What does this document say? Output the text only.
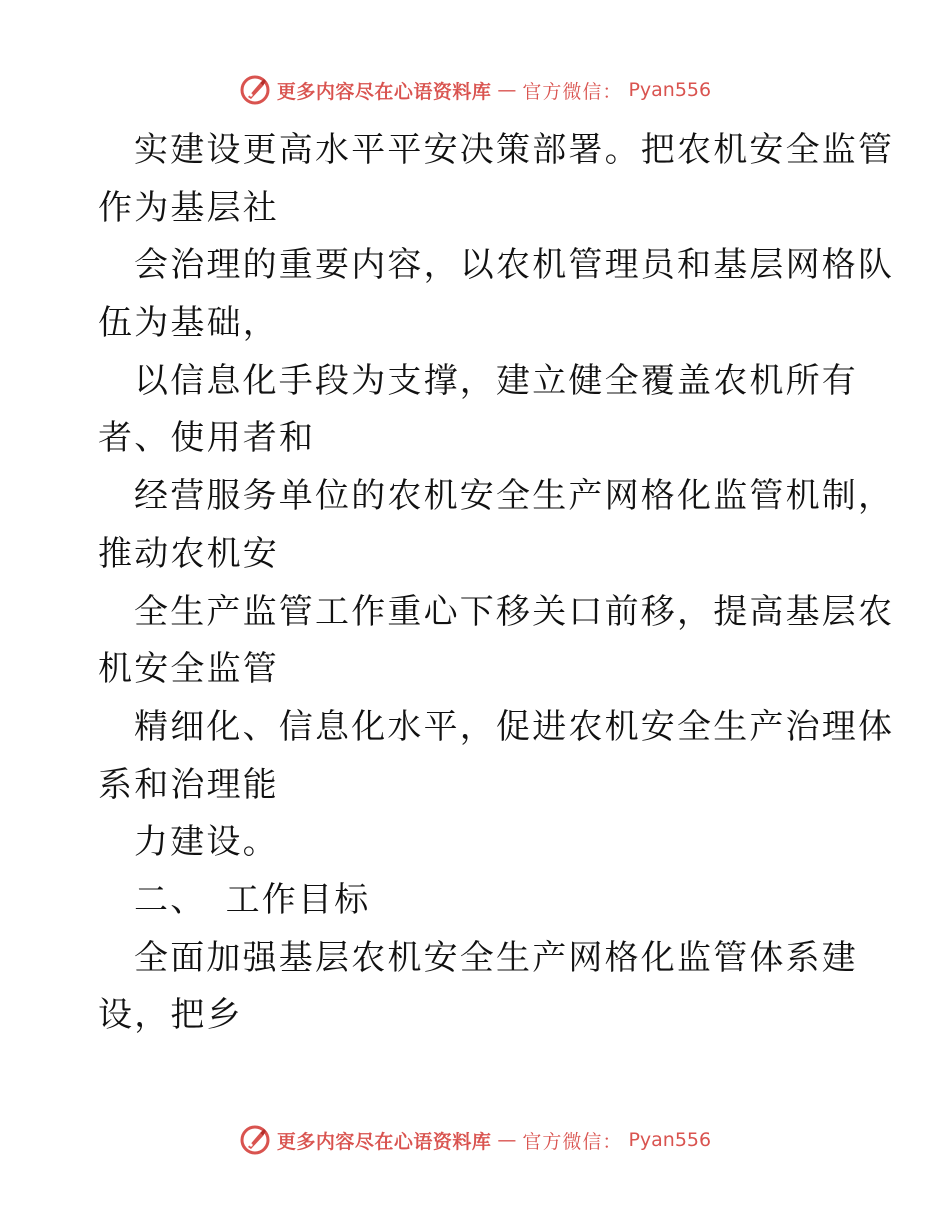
更多内容尽在心语资料库 — 官方微信： Pyan556
实建设更高水平平安决策部署。把农机安全监管
作为基层社
会治理的重要内容，以农机管理员和基层网格队
伍为基础，
以信息化手段为支撑，建立健全覆盖农机所有
者、使用者和
经营服务单位的农机安全生产网格化监管机制，
推动农机安
全生产监管工作重心下移关口前移，提高基层农
机安全监管
精细化、信息化水平，促进农机安全生产治理体
系和治理能
力建设。
二、　工作目标
全面加强基层农机安全生产网格化监管体系建
设，把乡
更多内容尽在心语资料库 — 官方微信： Pyan556
